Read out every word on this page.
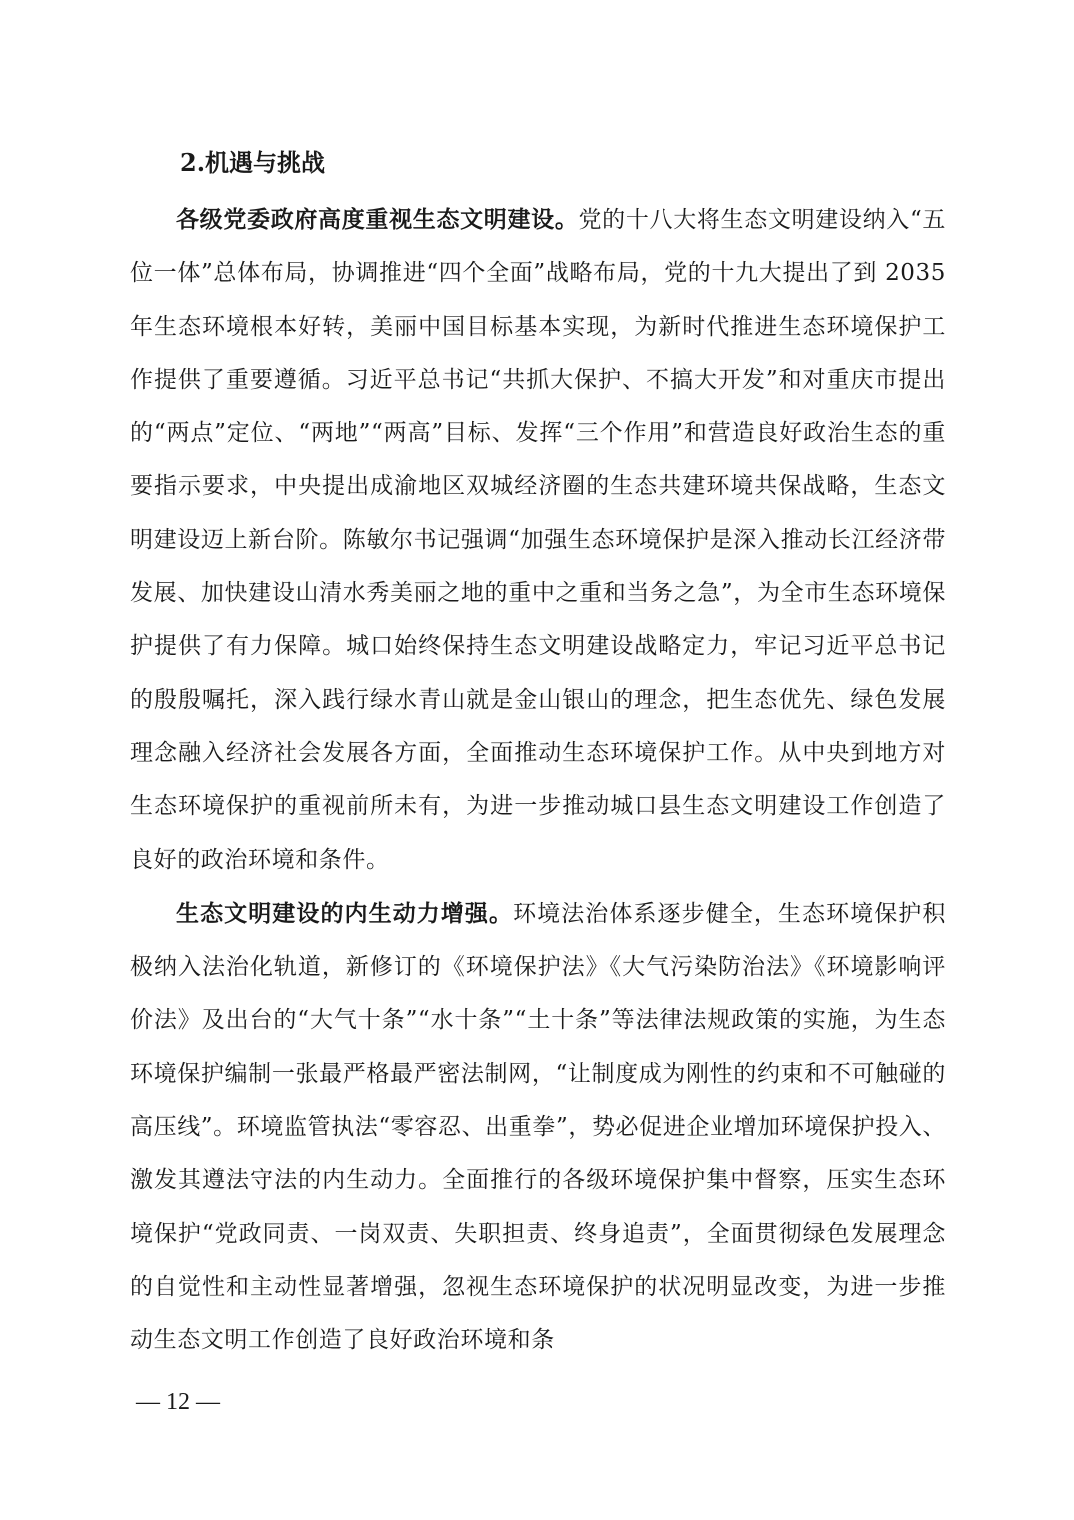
2.机遇与挑战

各级党委政府高度重视生态文明建设。党的十八大将生态文明建设纳入“五位一体”总体布局，协调推进“四个全面”战略布局，党的十九大提出了到 2035 年生态环境根本好转，美丽中国目标基本实现，为新时代推进生态环境保护工作提供了重要遵循。习近平总书记“共抓大保护、不搞大开发”和对重庆市提出的“两点”定位、“两地”“两高”目标、发挥“三个作用”和营造良好政治生态的重要指示要求，中央提出成渝地区双城经济圈的生态共建环境共保战略，生态文明建设迈上新台阶。陈敏尔书记强调“加强生态环境保护是深入推动长江经济带发展、加快建设山清水秀美丽之地的重中之重和当务之急”，为全市生态环境保护提供了有力保障。城口始终保持生态文明建设战略定力，牢记习近平总书记的殷殷嘱托，深入践行绿水青山就是金山银山的理念，把生态优先、绿色发展理念融入经济社会发展各方面，全面推动生态环境保护工作。从中央到地方对生态环境保护的重视前所未有，为进一步推动城口县生态文明建设工作创造了良好的政治环境和条件。

生态文明建设的内生动力增强。环境法治体系逐步健全，生态环境保护积极纳入法治化轨道，新修订的《环境保护法》《大气污染防治法》《环境影响评价法》及出台的“大气十条”“水十条”“土十条”等法律法规政策的实施，为生态环境保护编制一张最严格最严密法制网，“让制度成为刚性的约束和不可触碰的高压线”。环境监管执法“零容忍、出重拳”，势必促进企业增加环境保护投入、激发其遵法守法的内生动力。全面推行的各级环境保护集中督察，压实生态环境保护“党政同责、一岗双责、失职担责、终身追责”，全面贯彻绿色发展理念的自觉性和主动性显著增强，忽视生态环境保护的状况明显改变，为进一步推动生态文明工作创造了良好政治环境和条

— 12 —
